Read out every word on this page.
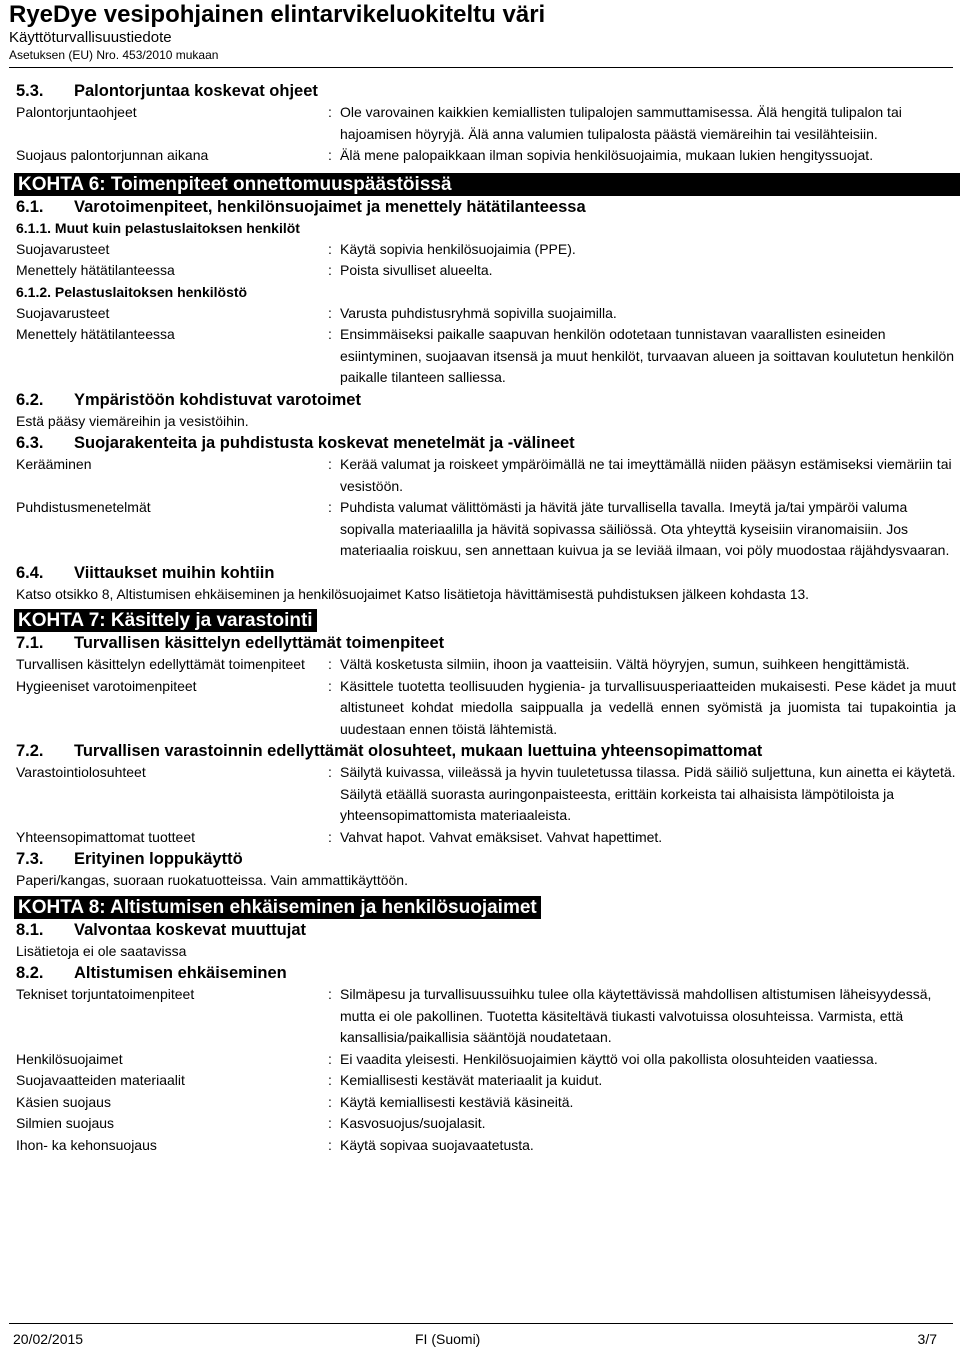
RyeDye vesipohjainen elintarvikeluokiteltu väri
Käyttöturvallisuustiedote
Asetuksen (EU) Nro. 453/2010 mukaan
5.3. Palontorjuntaa koskevat ohjeet
Palontorjuntaohjeet	: Ole varovainen kaikkien kemiallisten tulipalojen sammuttamisessa. Älä hengitä tulipalon tai hajoamisen höyryjä. Älä anna valumien tulipalosta päästä viemäreihin tai vesilähteisiin.
Suojaus palontorjunnan aikana	: Älä mene palopaikkaan ilman sopivia henkilösuojaimia, mukaan lukien hengityssuojat.
KOHTA 6: Toimenpiteet onnettomuuspäästöissä
6.1. Varotoimenpiteet, henkilönsuojaimet ja menettely hätätilanteessa
6.1.1. Muut kuin pelastuslaitoksen henkilöt
Suojavarusteet	: Käytä sopivia henkilösuojaimia (PPE).
Menettely hätätilanteessa	: Poista sivulliset alueelta.
6.1.2. Pelastuslaitoksen henkilöstö
Suojavarusteet	: Varusta puhdistusryhmä sopivilla suojaimilla.
Menettely hätätilanteessa	: Ensimmäiseksi paikalle saapuvan henkilön odotetaan tunnistavan vaarallisten esineiden esiintyminen, suojaavan itsensä ja muut henkilöt, turvaavan alueen ja soittavan koulutetun henkilön paikalle tilanteen salliessa.
6.2. Ympäristöön kohdistuvat varotoimet
Estä pääsy viemäreihin ja vesistöihin.
6.3. Suojarakenteita ja puhdistusta koskevat menetelmät ja -välineet
Kerääminen	: Kerää valumat ja roiskeet ympäröimällä ne tai imeyttämällä niiden pääsyn estämiseksi viemäriin tai vesistöön.
Puhdistusmenetelmät	: Puhdista valumat välittömästi ja hävitä jäte turvallisella tavalla. Imeytä ja/tai ympäröi valuma sopivalla materiaalilla ja hävitä sopivassa säiliössä. Ota yhteyttä kyseisiin viranomaisiin. Jos materiaalia roiskuu, sen annettaan kuivua ja se leviää ilmaan, voi pöly muodostaa räjähdysvaaran.
6.4. Viittaukset muihin kohtiin
Katso otsikko 8, Altistumisen ehkäiseminen ja henkilösuojaimet Katso lisätietoja hävittämisestä puhdistuksen jälkeen kohdasta 13.
KOHTA 7: Käsittely ja varastointi
7.1. Turvallisen käsittelyn edellyttämät toimenpiteet
Turvallisen käsittelyn edellyttämät toimenpiteet	: Vältä kosketusta silmiin, ihoon ja vaatteisiin. Vältä höyryjen, sumun, suihkeen hengittämistä.
Hygieeniset varotoimenpiteet	: Käsittele tuotetta teollisuuden hygienia- ja turvallisuusperiaatteiden mukaisesti. Pese kädet ja muut altistuneet kohdat miedolla saippualla ja vedellä ennen syömistä ja juomista tai tupakointia ja uudestaan ennen töistä lähtemistä.
7.2. Turvallisen varastoinnin edellyttämät olosuhteet, mukaan luettuina yhteensopimattomat
Varastointiolosuhteet	: Säilytä kuivassa, viileässä ja hyvin tuuletetussa tilassa. Pidä säiliö suljettuna, kun ainetta ei käytetä. Säilytä etäällä suorasta auringonpaisteesta, erittäin korkeista tai alhaisista lämpötiloista ja yhteensopimattomista materiaaleista.
Yhteensopimattomat tuotteet	: Vahvat hapot. Vahvat emäksiset. Vahvat hapettimet.
7.3. Erityinen loppukäyttö
Paperi/kangas, suoraan ruokatuotteissa. Vain ammattikäyttöön.
KOHTA 8: Altistumisen ehkäiseminen ja henkilösuojaimet
8.1. Valvontaa koskevat muuttujat
Lisätietoja ei ole saatavissa
8.2. Altistumisen ehkäiseminen
Tekniset torjuntatoimenpiteet	: Silmäpesu ja turvallisuussuihku tulee olla käytettävissä mahdollisen altistumisen läheisyydessä, mutta ei ole pakollinen. Tuotetta käsiteltävä tiukasti valvotuissa olosuhteissa. Varmista, että kansallisia/paikallisia sääntöjä noudatetaan.
Henkilösuojaimet	: Ei vaadita yleisesti. Henkilösuojaimien käyttö voi olla pakollista olosuhteiden vaatiessa.
Suojavaatteiden materiaalit	: Kemiallisesti kestävät materiaalit ja kuidut.
Käsien suojaus	: Käytä kemiallisesti kestäviä käsineitä.
Silmien suojaus	: Kasvosuojus/suojalasit.
Ihon- ka kehonsuojaus	: Käytä sopivaa suojavaatetusta.
20/02/2015	FI (Suomi)	3/7
